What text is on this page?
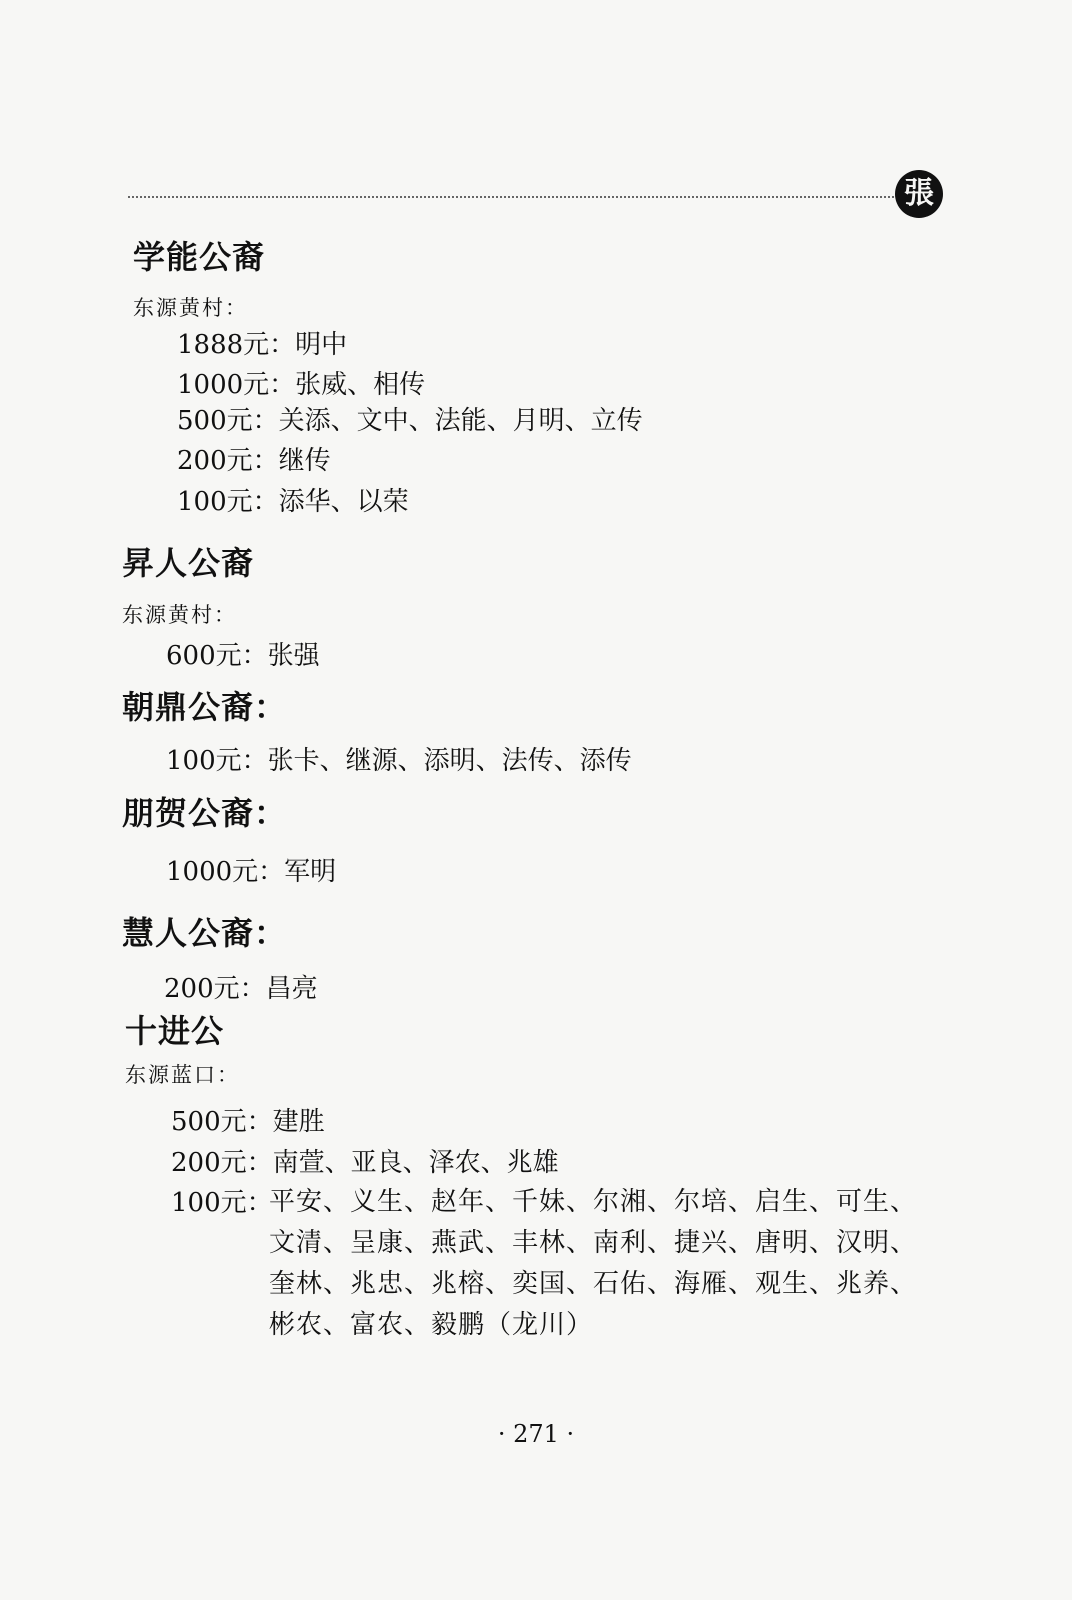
張
学能公裔
东源黄村：
1888元：明中
1000元：张威、相传
500元：关添、文中、法能、月明、立传
200元：继传
100元：添华、以荣
昇人公裔
东源黄村：
600元：张强
朝鼎公裔：
100元：张卡、继源、添明、法传、添传
朋贺公裔：
1000元：军明
慧人公裔：
200元：昌亮
十进公
东源蓝口：
500元：建胜
200元：南萱、亚良、泽农、兆雄
100元：
平安、义生、赵年、千妹、尔湘、尔培、启生、可生、
文清、呈康、燕武、丰林、南利、捷兴、唐明、汉明、
奎林、兆忠、兆榕、奕国、石佑、海雁、观生、兆养、
彬农、富农、毅鹏（龙川）
· 271 ·
